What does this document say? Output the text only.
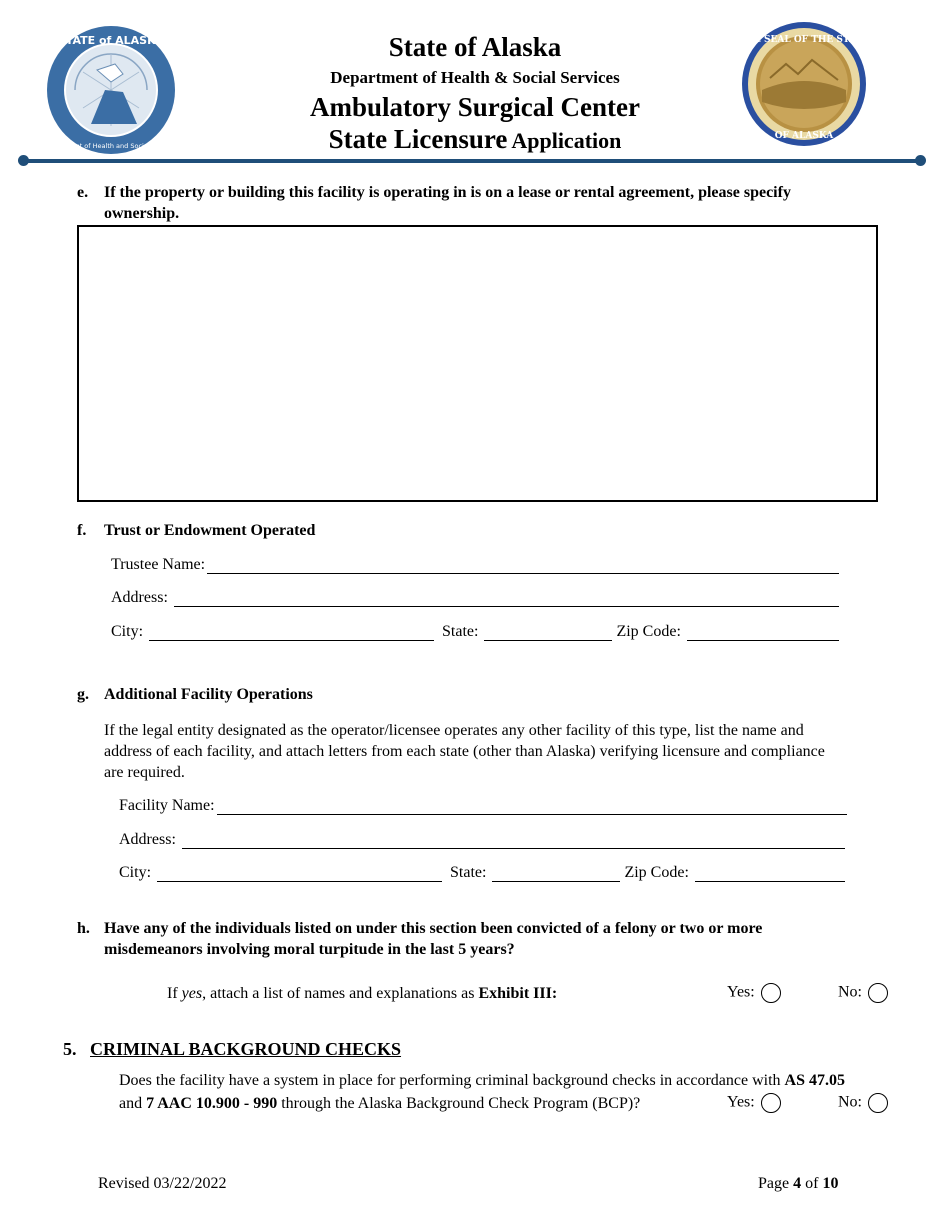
STATE of ALASKA
Department of Health and Social Services
THE SEAL OF THE STATE
OF ALASKA
State of Alaska
Department of Health & Social Services
Ambulatory Surgical Center
State Licensure Application
e. If the property or building this facility is operating in is on a lease or rental agreement, please specify
ownership.
f. Trust or Endowment Operated
Trustee Name:
Address:
City:	State:	Zip Code:
g. Additional Facility Operations
If the legal entity designated as the operator/licensee operates any other facility of this type, list the name and
address of each facility, and attach letters from each state (other than Alaska) verifying licensure and compliance
are required.
Facility Name:
Address:
City:	State:	Zip Code:
h. Have any of the individuals listed on under this section been convicted of a felony or two or more
misdemeanors involving moral turpitude in the last 5 years?
If yes, attach a list of names and explanations as Exhibit III:	Yes:	No:
5. CRIMINAL BACKGROUND CHECKS
Does the facility have a system in place for performing criminal background checks in accordance with AS 47.05
and 7 AAC 10.900 - 990 through the Alaska Background Check Program (BCP)?	Yes:	No:
Revised 03/22/2022	Page 4 of 10
